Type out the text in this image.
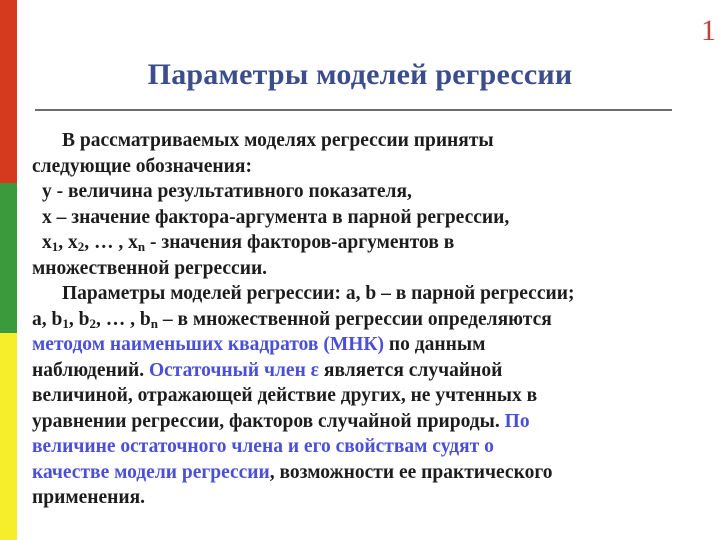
1
Параметры моделей регрессии

В рассматриваемых моделях регрессии приняты
следующие обозначения:
у - величина результативного показателя,
х – значение фактора-аргумента в парной регрессии,
$х_1$, $х_2$, … , $х_n$ - значения факторов-аргументов в
множественной регрессии.

Параметры моделей регрессии: а, b – в парной регрессии;
а, $b_1$, $b_2$, … , $b_n$ – в множественной регрессии определяются
методом наименьших квадратов (МНК) по данным
наблюдений. Остаточный член ε является случайной
величиной, отражающей действие других, не учтенных в
уравнении регрессии, факторов случайной природы. По
величине остаточного члена и его свойствам судят о
качестве модели регрессии, возможности ее практического
применения.
